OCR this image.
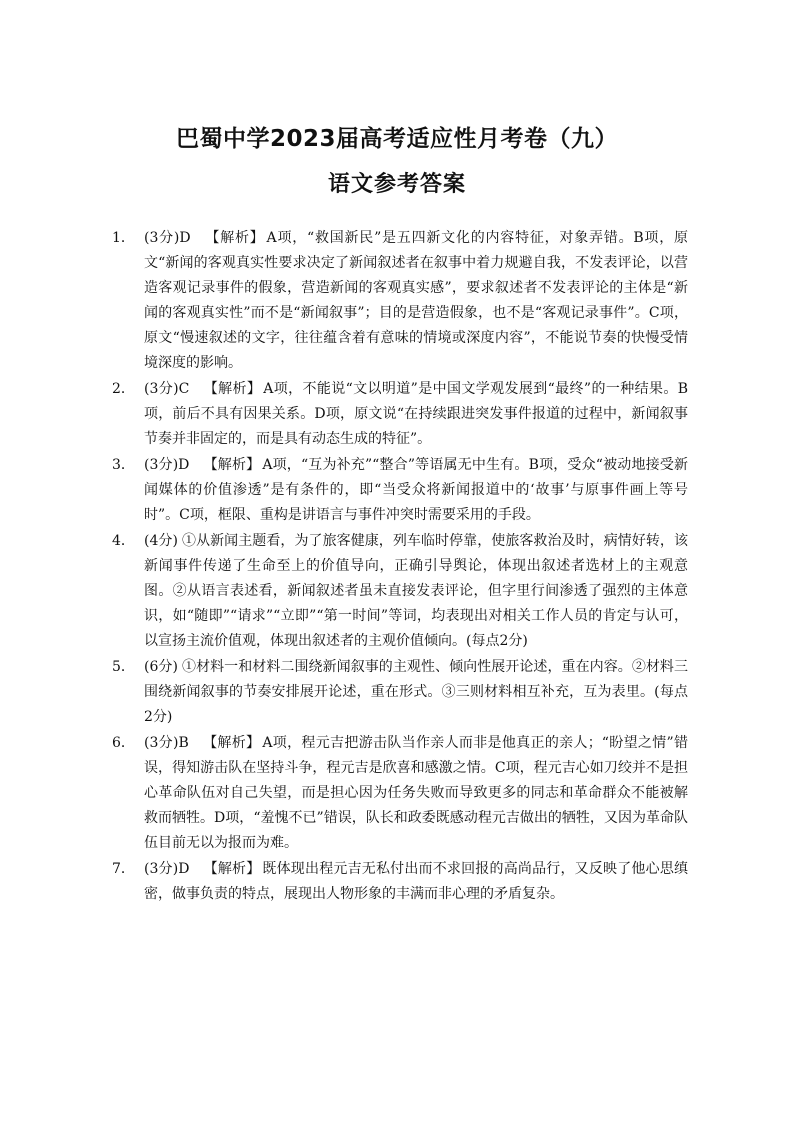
巴蜀中学2023届高考适应性月考卷（九）
语文参考答案
1． (3分)D 【解析】 A项，“救国新民”是五四新文化的内容特征，对象弄错。B项，原文“新闻的客观真实性要求决定了新闻叙述者在叙事中着力规避自我，不发表评论，以营造客观记录事件的假象，营造新闻的客观真实感”，要求叙述者不发表评论的主体是“新闻的客观真实性”而不是“新闻叙事”；目的是营造假象，也不是“客观记录事件”。C项，原文“慢速叙述的文字，往往蕴含着有意味的情境或深度内容”，不能说节奏的快慢受情境深度的影响。
2． (3分)C 【解析】 A项，不能说“文以明道”是中国文学观发展到“最终”的一种结果。B项，前后不具有因果关系。D项，原文说“在持续跟进突发事件报道的过程中，新闻叙事节奏并非固定的，而是具有动态生成的特征”。
3． (3分)D 【解析】 A项，“互为补充”“整合”等语属无中生有。B项，受众“被动地接受新闻媒体的价值渗透”是有条件的，即“当受众将新闻报道中的‘故事’与原事件画上等号时”。C项，框限、重构是讲语言与事件冲突时需要采用的手段。
4． (4分) ①从新闻主题看，为了旅客健康，列车临时停靠，使旅客救治及时，病情好转，该新闻事件传递了生命至上的价值导向，正确引导舆论，体现出叙述者选材上的主观意图。②从语言表述看，新闻叙述者虽未直接发表评论，但字里行间渗透了强烈的主体意识，如“随即”“请求”“立即”“第一时间”等词，均表现出对相关工作人员的肯定与认可，以宣扬主流价值观，体现出叙述者的主观价值倾向。(每点2分)
5． (6分) ①材料一和材料二围绕新闻叙事的主观性、倾向性展开论述，重在内容。②材料三围绕新闻叙事的节奏安排展开论述，重在形式。③三则材料相互补充，互为表里。(每点2分)
6． (3分)B 【解析】 A项，程元吉把游击队当作亲人而非是他真正的亲人；“盼望之情”错误，得知游击队在坚持斗争，程元吉是欣喜和感激之情。C项，程元吉心如刀绞并不是担心革命队伍对自己失望，而是担心因为任务失败而导致更多的同志和革命群众不能被解救而牺牲。D项，“羞愧不已”错误，队长和政委既感动程元吉做出的牺牲，又因为革命队伍目前无以为报而为难。
7． (3分)D 【解析】 既体现出程元吉无私付出而不求回报的高尚品行，又反映了他心思缜密，做事负责的特点，展现出人物形象的丰满而非心理的矛盾复杂。
